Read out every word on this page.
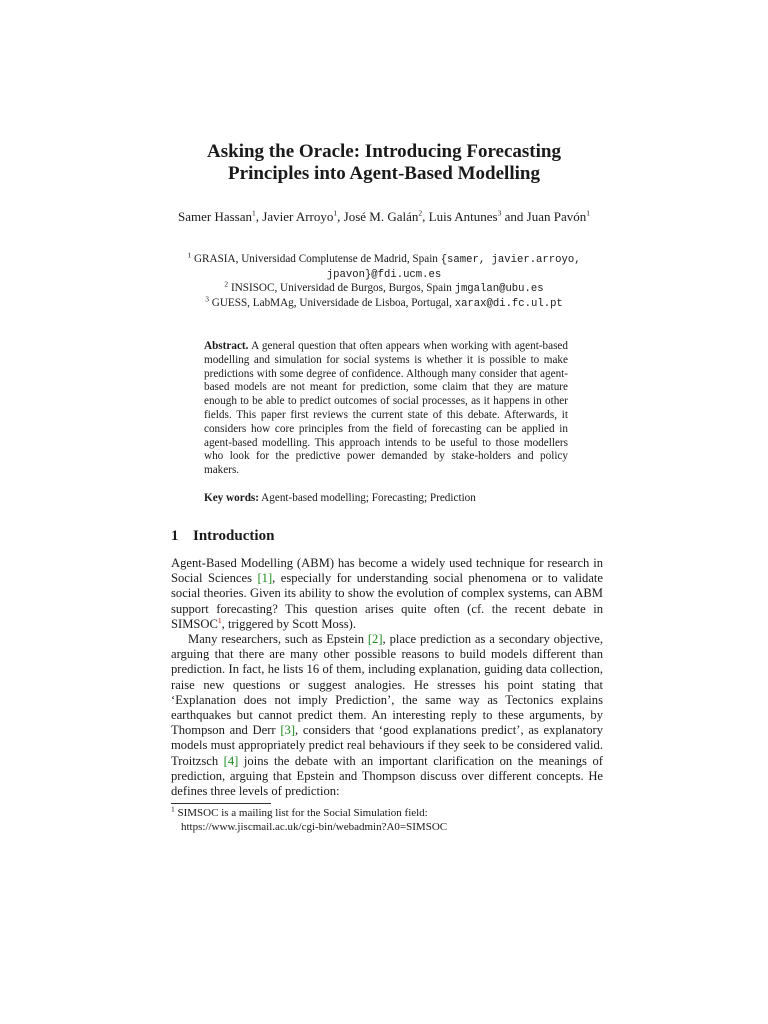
Asking the Oracle: Introducing Forecasting
Principles into Agent-Based Modelling
Samer Hassan$^1$, Javier Arroyo$^1$, José M. Galán$^2$, Luis Antunes$^3$ and Juan Pavón$^1$
$^1$ GRASIA, Universidad Complutense de Madrid, Spain {samer, javier.arroyo, jpavon}@fdi.ucm.es
$^2$ INSISOC, Universidad de Burgos, Burgos, Spain jmgalan@ubu.es
$^3$ GUESS, LabMAg, Universidade de Lisboa, Portugal, xarax@di.fc.ul.pt
Abstract. A general question that often appears when working with agent-based modelling and simulation for social systems is whether it is possible to make predictions with some degree of confidence. Although many consider that agent-based models are not meant for prediction, some claim that they are mature enough to be able to predict outcomes of social processes, as it happens in other fields. This paper first reviews the current state of this debate. Afterwards, it considers how core principles from the field of forecasting can be applied in agent-based modelling. This approach intends to be useful to those modellers who look for the predictive power demanded by stake-holders and policy makers.
Key words: Agent-based modelling; Forecasting; Prediction
1 Introduction

Agent-Based Modelling (ABM) has become a widely used technique for research in Social Sciences [1], especially for understanding social phenomena or to validate social theories. Given its ability to show the evolution of complex systems, can ABM support forecasting? This question arises quite often (cf. the recent debate in SIMSOC$^1$, triggered by Scott Moss).

Many researchers, such as Epstein [2], place prediction as a secondary objective, arguing that there are many other possible reasons to build models different than prediction. In fact, he lists 16 of them, including explanation, guiding data collection, raise new questions or suggest analogies. He stresses his point stating that ‘Explanation does not imply Prediction’, the same way as Tectonics explains earthquakes but cannot predict them. An interesting reply to these arguments, by Thompson and Derr [3], considers that ‘good explanations predict’, as explanatory models must appropriately predict real behaviours if they seek to be considered valid. Troitzsch [4] joins the debate with an important clarification on the meanings of prediction, arguing that Epstein and Thompson discuss over different concepts. He defines three levels of prediction:

$^1$ SIMSOC is a mailing list for the Social Simulation field:
https://www.jiscmail.ac.uk/cgi-bin/webadmin?A0=SIMSOC
